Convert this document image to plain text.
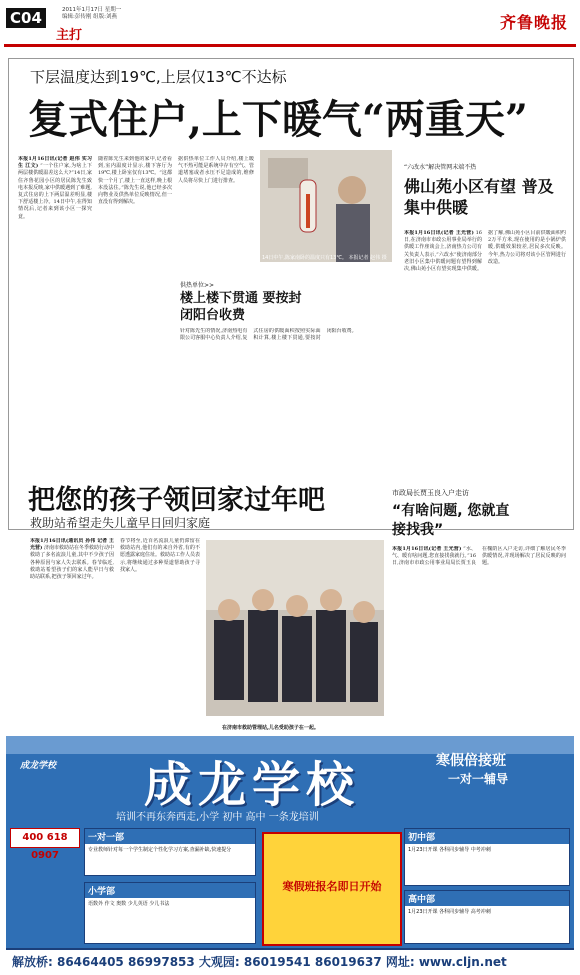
C04	2011年1月17日 星期一
编辑:彭传刚 组版:刘燕
主打
齐鲁晚报
下层温度达到19℃,上层仅13℃不达标
复式住户,上下暖气“两重天”
本报1月16日讯(记者 赵伟 实习生 江文) “一个住户家,为啥上下两层楼供暖温差这么大?”14日,家住齐鲁花园小区的居民陈先生致电本报反映,家中供暖遇到了难题,复式住房的上下两层温差明显,楼下舒适楼上冷。14日中午,在得知情况后,记者来到该小区一探究竟。
随着陈先生来到他的家中,记者看到,室内温度计显示,楼下客厅为19℃,楼上卧室仅有13℃。“这都快一个月了,楼上一直这样,晚上根本没法住。”陈先生说,他已经多次向物业及供热单位反映情况,但一直没有得到解决。
据供热单位工作人员介绍,楼上暖气不热可能是系统中存有空气、管道堵塞或者水压不足造成的,维修人员将尽快上门进行排查。
14日中午,陈家南卧的温度只有13℃。 本报记者 赵伟 摄
供热单位>>
楼上楼下贯通 要按封闭阳台收费
针对陈先生的情况,济南热电有限公司客服中心负责人介绍,复式住房的供暖面积按照实际面积计算,楼上楼下贯通,要按封闭阳台收费。
“六改水”解决管网末端不热
佛山苑小区有望 普及集中供暖
本报1月16日讯(记者 王光营) 16日,在济南市市政公用事业局举行的供暖工作座谈会上,济南热力公司有关负责人表示,“六改水”使济南部分老旧小区集中供暖问题有望得到解决,佛山苑小区有望实现集中供暖。据了解,佛山苑小区目前供暖面积约2万平方米,现在使用的是小锅炉供暖,供暖效果较差,居民多次反映。今年,热力公司将对该小区管网进行改造。
把您的孩子领回家过年吧
救助站希望走失儿童早日回归家庭
本报1月16日讯(通讯员 孙伟 记者 王光营) 济南市救助站在冬季救助行动中救助了多名流浪儿童,其中不少孩子因各种原因与家人失去联系。春节临近,救助站希望孩子们的家人能早日与救助站联系,把孩子领回家过年。
春节将至,近百名流浪儿童仍滞留在救助站内,他们有的来自外省,有的不愿透露家庭住址。救助站工作人员表示,将继续通过多种渠道帮助孩子寻找家人。
在济南市救助管理站,儿名受助孩子在一起。
市政局长贾玉良入户走访
“有啥问题, 您就直接找我”
本报1月16日讯(记者 王光营) “水、气、暖有啥问题,您直接找我就行。”16日,济南市市政公用事业局局长贾玉良在槐荫区入户走访,详细了解居民冬季供暖情况,并现场解决了居民反映的问题。
成龙学校 成龙学校	寒假倍接班
一对一辅导
培训不再东奔西走,小学 初中 高中 一条龙培训
400 618 0907
一对一部
专业教师针对每一个学生制定个性化学习方案,查漏补缺,快速提分
小学部
语数外 作文 奥数 少儿英语 少儿书法
寒假班报名即日开始
初中部
1月23日开课 各科同步辅导 中考冲刺
高中部
1月23日开课 各科同步辅导 高考冲刺
解放桥: 86464405 86997853 大观园: 86019541 86019637 网址: www.cljn.net
